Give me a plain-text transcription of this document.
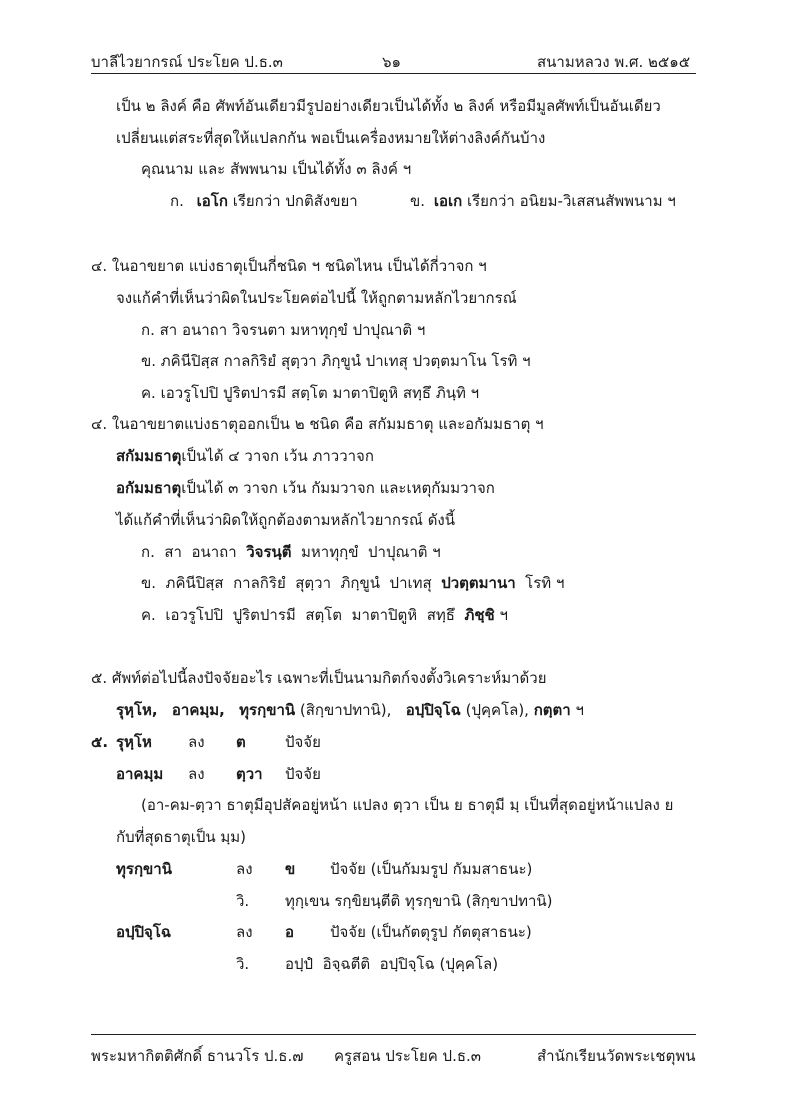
บาลีไวยากรณ์ ประโยค ป.ธ.๓	๖๑	สนามหลวง พ.ศ. ๒๕๑๕
เป็น ๒ ลิงค์ คือ ศัพท์อันเดียวมีรูปอย่างเดียวเป็นได้ทั้ง ๒ ลิงค์ หรือมีมูลศัพท์เป็นอันเดียว
เปลี่ยนแต่สระที่สุดให้แปลกกัน พอเป็นเครื่องหมายให้ต่างลิงค์กันบ้าง
คุณนาม และ สัพพนาม เป็นได้ทั้ง ๓ ลิงค์ ฯ
ก. เอโก เรียกว่า ปกติสังขยา	ข. เอเก เรียกว่า อนิยม-วิเสสนสัพพนาม ฯ
๔. ในอาขยาต แบ่งธาตุเป็นกี่ชนิด ฯ ชนิดไหน เป็นได้กี่วาจก ฯ
จงแก้คำที่เห็นว่าผิดในประโยคต่อไปนี้ ให้ถูกตามหลักไวยากรณ์
ก. สา อนาถา วิจรนตา มหาทุกฺขํ ปาปุณาติ ฯ
ข. ภคินีปิสฺส กาลกิริยํ สุตฺวา ภิกฺขูนํ ปาเทสุ ปวตฺตมาโน โรทิ ฯ
ค. เอวรูโปปิ ปูริตปารมี สตฺโต มาตาปิตูหิ สทฺธึ ภินฺทิ ฯ
๔. ในอาขยาตแบ่งธาตุออกเป็น ๒ ชนิด คือ สกัมมธาตุ และอกัมมธาตุ ฯ
สกัมมธาตุเป็นได้ ๔ วาจก เว้น ภาววาจก
อกัมมธาตุเป็นได้ ๓ วาจก เว้น กัมมวาจก และเหตุกัมมวาจก
ได้แก้คำที่เห็นว่าผิดให้ถูกต้องตามหลักไวยากรณ์ ดังนี้
ก.  สา  อนาถา  วิจรนฺตี  มหาทุกฺขํ  ปาปุณาติ ฯ
ข.  ภคินีปิสฺส  กาลกิริยํ  สุตฺวา  ภิกฺขูนํ  ปาเทสุ  ปวตฺตมานา  โรทิ ฯ
ค.  เอวรูโปปิ  ปูริตปารมี  สตฺโต  มาตาปิตูหิ  สทฺธึ  ภิชฺชิ ฯ
๕. ศัพท์ต่อไปนี้ลงปัจจัยอะไร เฉพาะที่เป็นนามกิตก์จงตั้งวิเคราะห์มาด้วย
รุหฺโห, อาคมฺม, ทุรกฺขานิ (สิกฺขาปทานิ), อปฺปิจฺโฉ (ปุคฺคโล), กตฺตา ฯ
๕. รุหฺโห ลง ต	ปัจจัย
อาคมฺม ลง ตฺวา ปัจจัย
(อา-คม-ตฺวา ธาตุมีอุปสัคอยู่หน้า แปลง ตฺวา เป็น ย ธาตุมี มฺ เป็นที่สุดอยู่หน้าแปลง ย
กับที่สุดธาตุเป็น มฺม)
ทุรกฺขานิ	ลง ข ปัจจัย (เป็นกัมมรูป กัมมสาธนะ)
วิ. ทุกฺเขน รกฺขิยนฺตีติ ทุรกฺขานิ (สิกฺขาปทานิ)
อปฺปิจฺโฉ	ลง อ ปัจจัย (เป็นกัตตุรูป กัตตุสาธนะ)
วิ. อปฺปํ  อิจฺฉตีติ  อปฺปิจฺโฉ (ปุคฺคโล)
พระมหากิตติศักดิ์ ธานวโร ป.ธ.๗ ครูสอน ประโยค ป.ธ.๓	สำนักเรียนวัดพระเชตุพน
